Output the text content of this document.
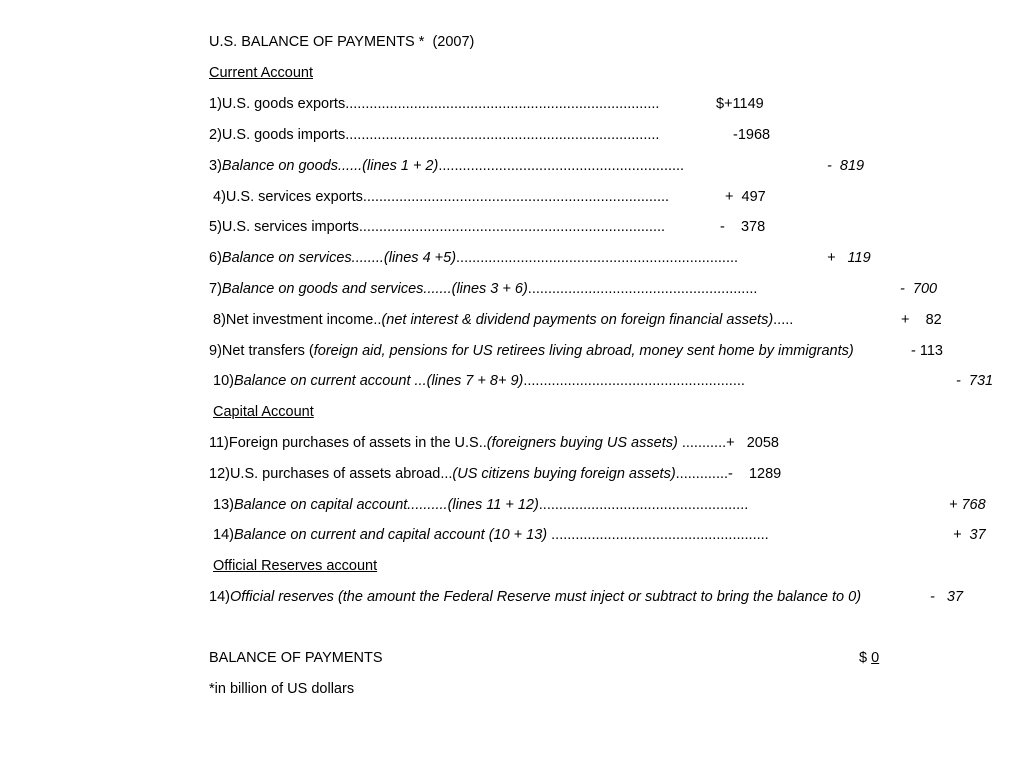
U.S. BALANCE OF PAYMENTS *  (2007)
Current Account
1)U.S. goods exports..............................................................................	$+1149
2)U.S. goods imports..............................................................................	-1968
3)Balance on goods......(lines 1 + 2).............................................................	-  819
4)U.S. services exports............................................................................	+  497
5)U.S. services imports............................................................................	-    378
6)Balance on services........(lines 4 +5)......................................................................	+   119
7)Balance on goods and services.......(lines 3 + 6).........................................................	-  700
8)Net investment income..(net interest & dividend payments on foreign financial assets).....	+    82
9)Net transfers (foreign aid, pensions for US retirees living abroad, money sent home by immigrants)	- 113
10)Balance on current account ...(lines 7 + 8+ 9).......................................................	-  731
Capital Account
11)Foreign purchases of assets in the U.S..(foreigners buying US assets) ...........+   2058
12)U.S. purchases of assets abroad...(US citizens buying foreign assets).............-    1289
13)Balance on capital account..........(lines 11 + 12)....................................................	+ 768
14)Balance on current and capital account (10 + 13) ......................................................	+  37
Official Reserves account
14)Official reserves (the amount the Federal Reserve must inject or subtract to bring the balance to 0)	-   37
BALANCE OF PAYMENTS	$ 0
*in billion of US dollars
